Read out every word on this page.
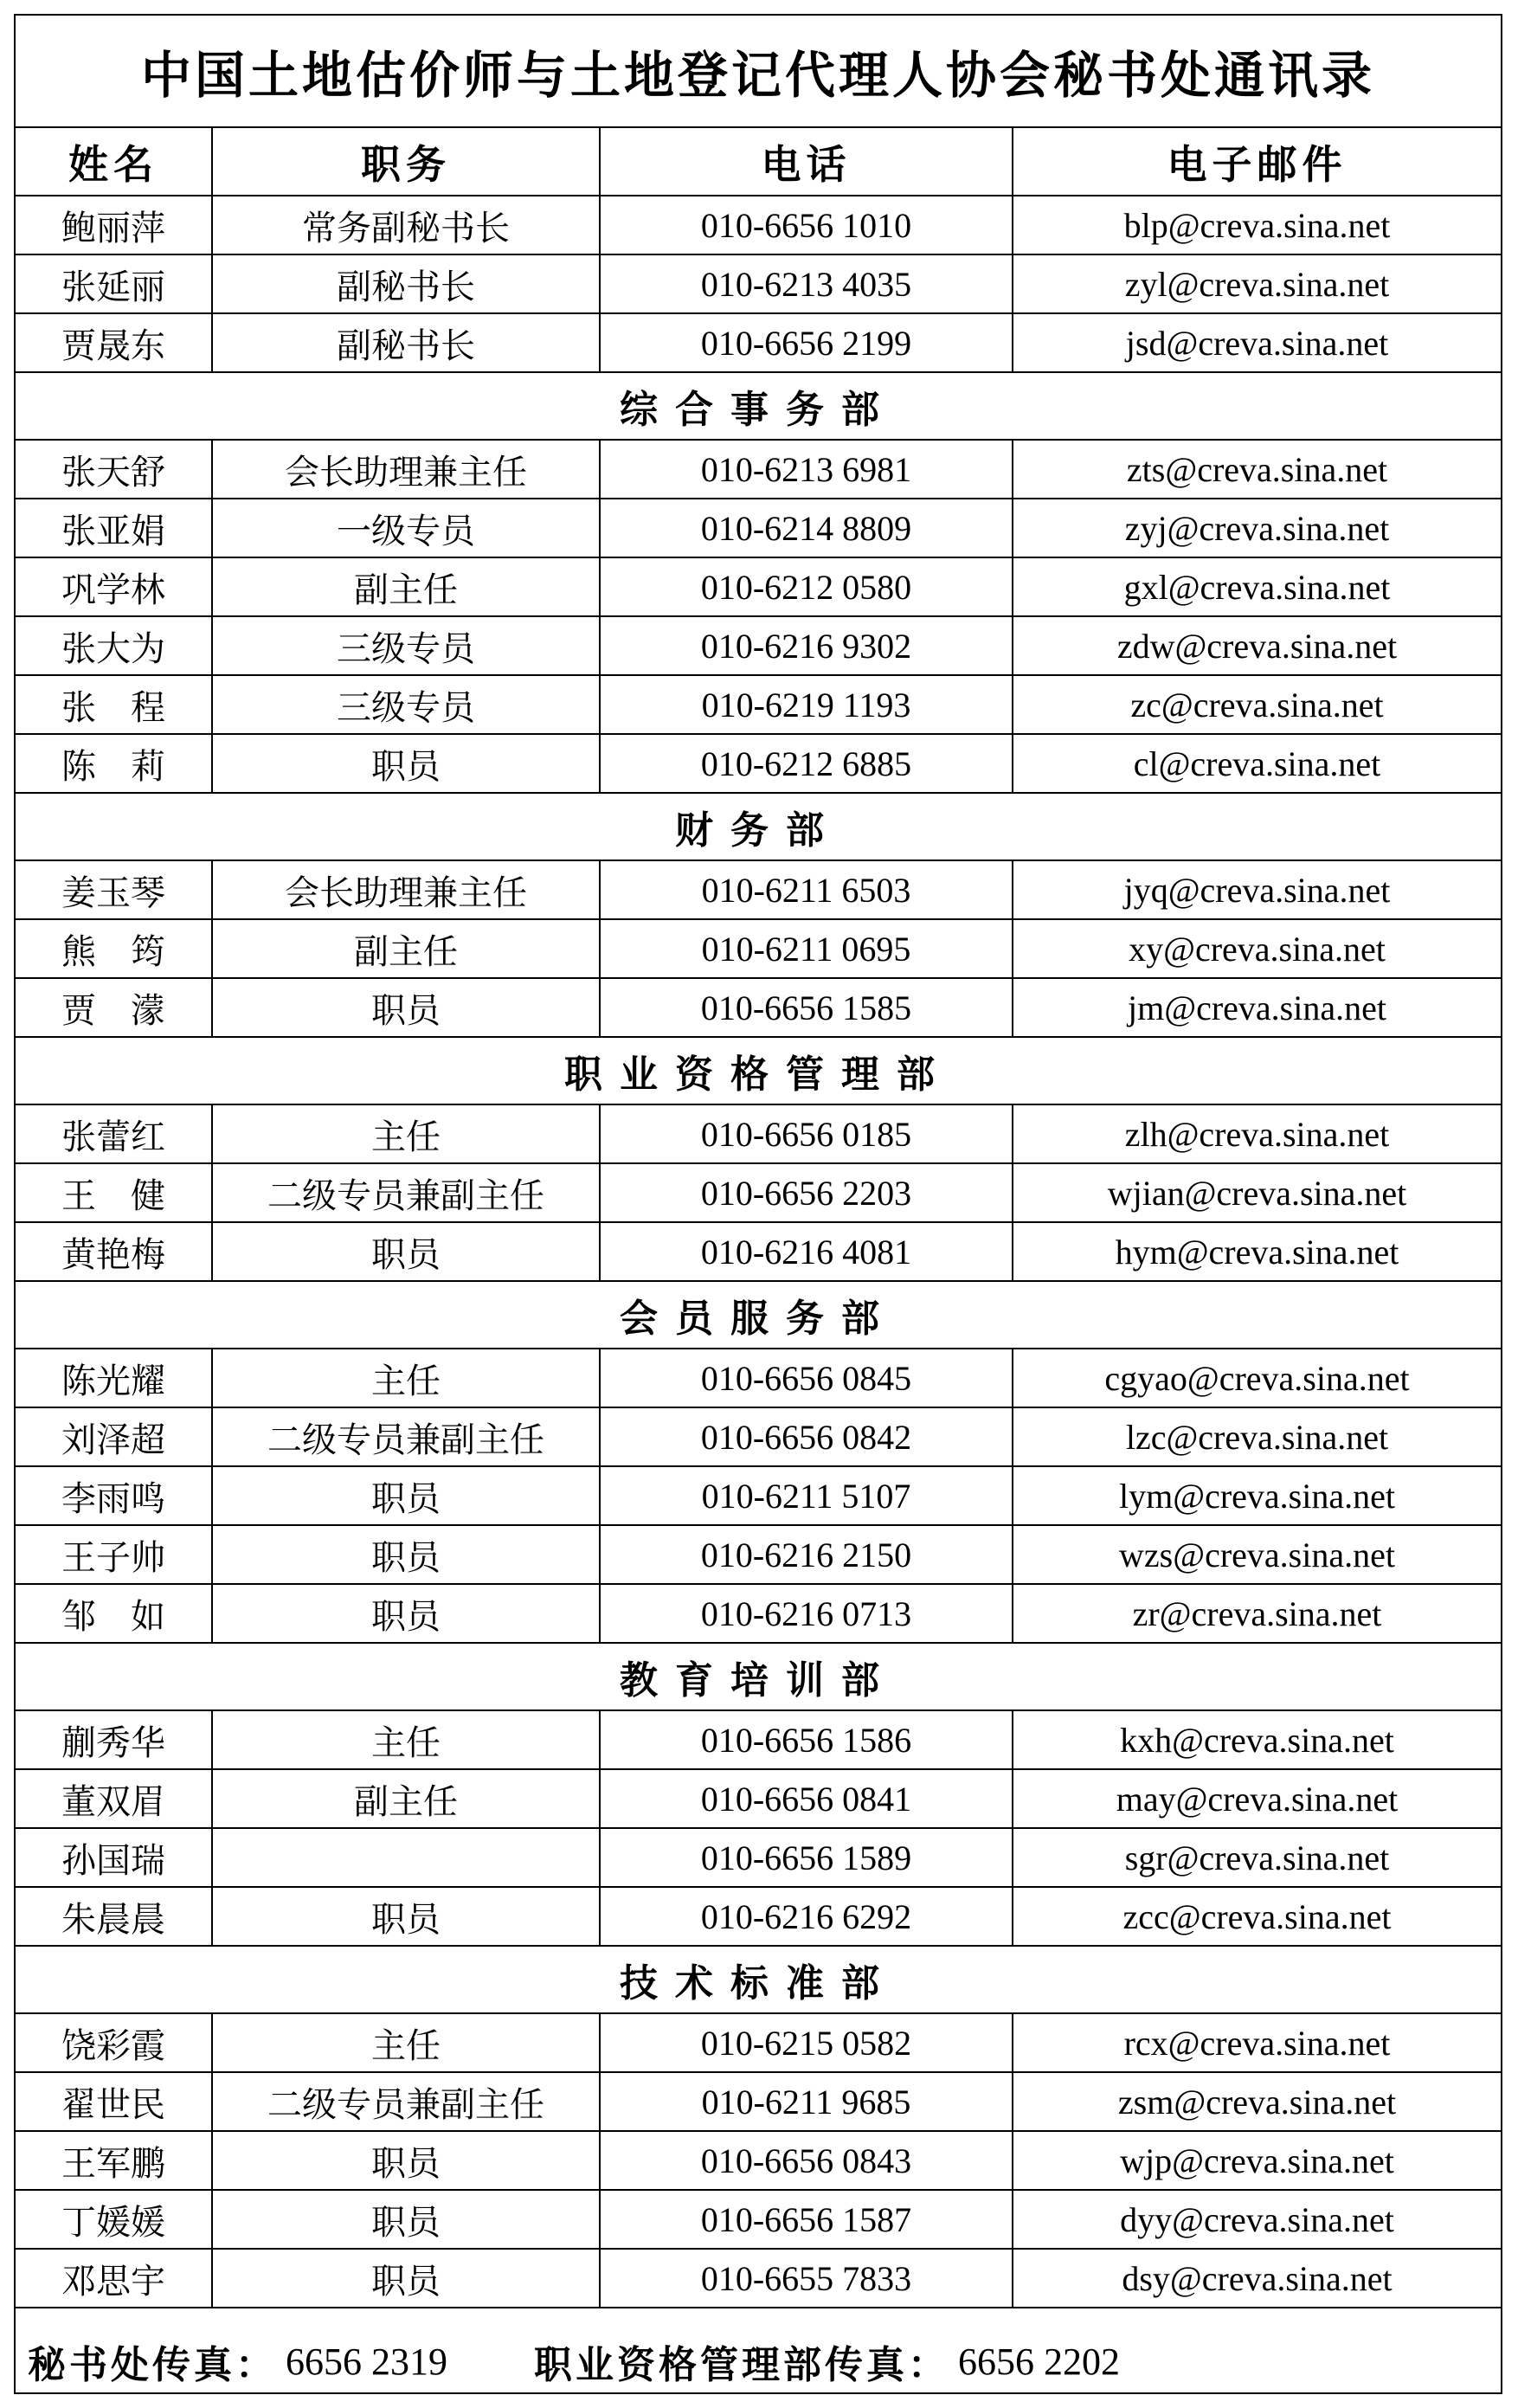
中国土地估价师与土地登记代理人协会秘书处通讯录
姓名	职务	电话	电子邮件
鲍丽萍	常务副秘书长	010-6656 1010	blp@creva.sina.net
张延丽	副秘书长	010-6213 4035	zyl@creva.sina.net
贾晟东	副秘书长	010-6656 2199	jsd@creva.sina.net
综合事务部			
张天舒	会长助理兼主任	010-6213 6981	zts@creva.sina.net
张亚娟	一级专员	010-6214 8809	zyj@creva.sina.net
巩学林	副主任	010-6212 0580	gxl@creva.sina.net
张大为	三级专员	010-6216 9302	zdw@creva.sina.net
张　程	三级专员	010-6219 1193	zc@creva.sina.net
陈　莉	职员	010-6212 6885	cl@creva.sina.net
财务部			
姜玉琴	会长助理兼主任	010-6211 6503	jyq@creva.sina.net
熊　筠	副主任	010-6211 0695	xy@creva.sina.net
贾　濛	职员	010-6656 1585	jm@creva.sina.net
职业资格管理部			
张蕾红	主任	010-6656 0185	zlh@creva.sina.net
王　健	二级专员兼副主任	010-6656 2203	wjian@creva.sina.net
黄艳梅	职员	010-6216 4081	hym@creva.sina.net
会员服务部			
陈光耀	主任	010-6656 0845	cgyao@creva.sina.net
刘泽超	二级专员兼副主任	010-6656 0842	lzc@creva.sina.net
李雨鸣	职员	010-6211 5107	lym@creva.sina.net
王子帅	职员	010-6216 2150	wzs@creva.sina.net
邹　如	职员	010-6216 0713	zr@creva.sina.net
教育培训部			
蒯秀华	主任	010-6656 1586	kxh@creva.sina.net
董双眉	副主任	010-6656 0841	may@creva.sina.net
孙国瑞		010-6656 1589	sgr@creva.sina.net
朱晨晨	职员	010-6216 6292	zcc@creva.sina.net
技术标准部			
饶彩霞	主任	010-6215 0582	rcx@creva.sina.net
翟世民	二级专员兼副主任	010-6211 9685	zsm@creva.sina.net
王军鹏	职员	010-6656 0843	wjp@creva.sina.net
丁媛媛	职员	010-6656 1587	dyy@creva.sina.net
邓思宇	职员	010-6655 7833	dsy@creva.sina.net
秘书处传真： 6656 2319 职业资格管理部传真： 6656 2202
